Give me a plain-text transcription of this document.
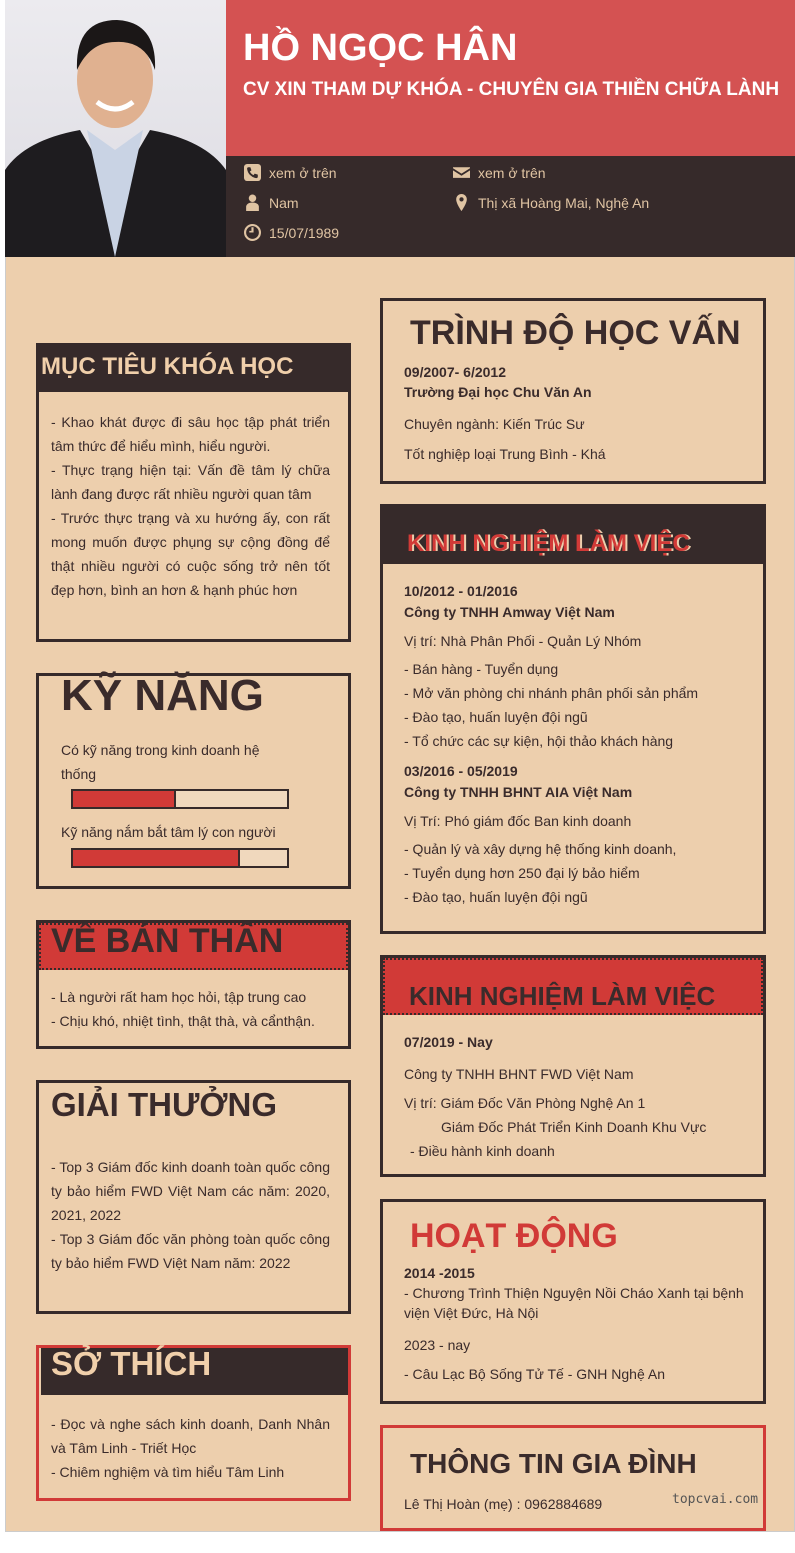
HỒ NGỌC HÂN
CV XIN THAM DỰ KHÓA - CHUYÊN GIA THIỀN CHỮA LÀNH
xem ở trên	xem ở trên
Nam	Thị xã Hoàng Mai, Nghệ An
15/07/1989
MỤC TIÊU KHÓA HỌC
- Khao khát được đi sâu học tập phát triển tâm thức để hiểu mình, hiểu người.
- Thực trạng hiện tại: Vấn đề tâm lý chữa lành đang được rất nhiều người quan tâm
- Trước thực trạng và xu hướng ấy, con rất mong muốn được phụng sự cộng đồng để thật nhiều người có cuộc sống trở nên tốt đẹp hơn, bình an hơn & hạnh phúc hơn
KỸ NĂNG
Có kỹ năng trong kinh doanh hệ thống
Kỹ năng nắm bắt tâm lý con người
VỀ BẢN THÂN
- Là người rất ham học hỏi, tập trung cao
- Chịu khó, nhiệt tình, thật thà, và cẩnthận.
GIẢI THƯỞNG
- Top 3 Giám đốc kinh doanh toàn quốc công ty bảo hiểm FWD Việt Nam các năm: 2020, 2021, 2022
- Top 3 Giám đốc văn phòng toàn quốc công ty bảo hiểm FWD Việt Nam năm: 2022
SỞ THÍCH
- Đọc và nghe sách kinh doanh, Danh Nhân và Tâm Linh - Triết Học
- Chiêm nghiệm và tìm hiểu Tâm Linh
TRÌNH ĐỘ HỌC VẤN
09/2007- 6/2012
Trường Đại học Chu Văn An
Chuyên ngành: Kiến Trúc Sư
Tốt nghiệp loại Trung Bình - Khá
KINH NGHIỆM LÀM VIỆC
10/2012 - 01/2016
Công ty TNHH Amway Việt Nam
Vị trí: Nhà Phân Phối - Quản Lý Nhóm
- Bán hàng - Tuyển dụng
- Mở văn phòng chi nhánh phân phối sản phẩm
- Đào tạo, huấn luyện đội ngũ
- Tổ chức các sự kiện, hội thảo khách hàng
03/2016 - 05/2019
Công ty TNHH BHNT AIA Việt Nam
Vị Trí: Phó giám đốc Ban kinh doanh
- Quản lý và xây dựng hệ thống kinh doanh,
- Tuyển dụng hơn 250 đại lý bảo hiểm
- Đào tạo, huấn luyện đội ngũ
KINH NGHIỆM LÀM VIỆC
07/2019 - Nay
Công ty TNHH BHNT FWD Việt Nam
Vị trí: Giám Đốc Văn Phòng Nghệ An 1
Giám Đốc Phát Triển Kinh Doanh Khu Vực
- Điều hành kinh doanh
HOẠT ĐỘNG
2014 -2015
- Chương Trình Thiện Nguyện Nồi Cháo Xanh tại bệnh viện Việt Đức, Hà Nội
2023 - nay
- Câu Lạc Bộ Sống Tử Tế - GNH Nghệ An
THÔNG TIN GIA ĐÌNH
Lê Thị Hoàn (mẹ) : 0962884689	topcvai.com
